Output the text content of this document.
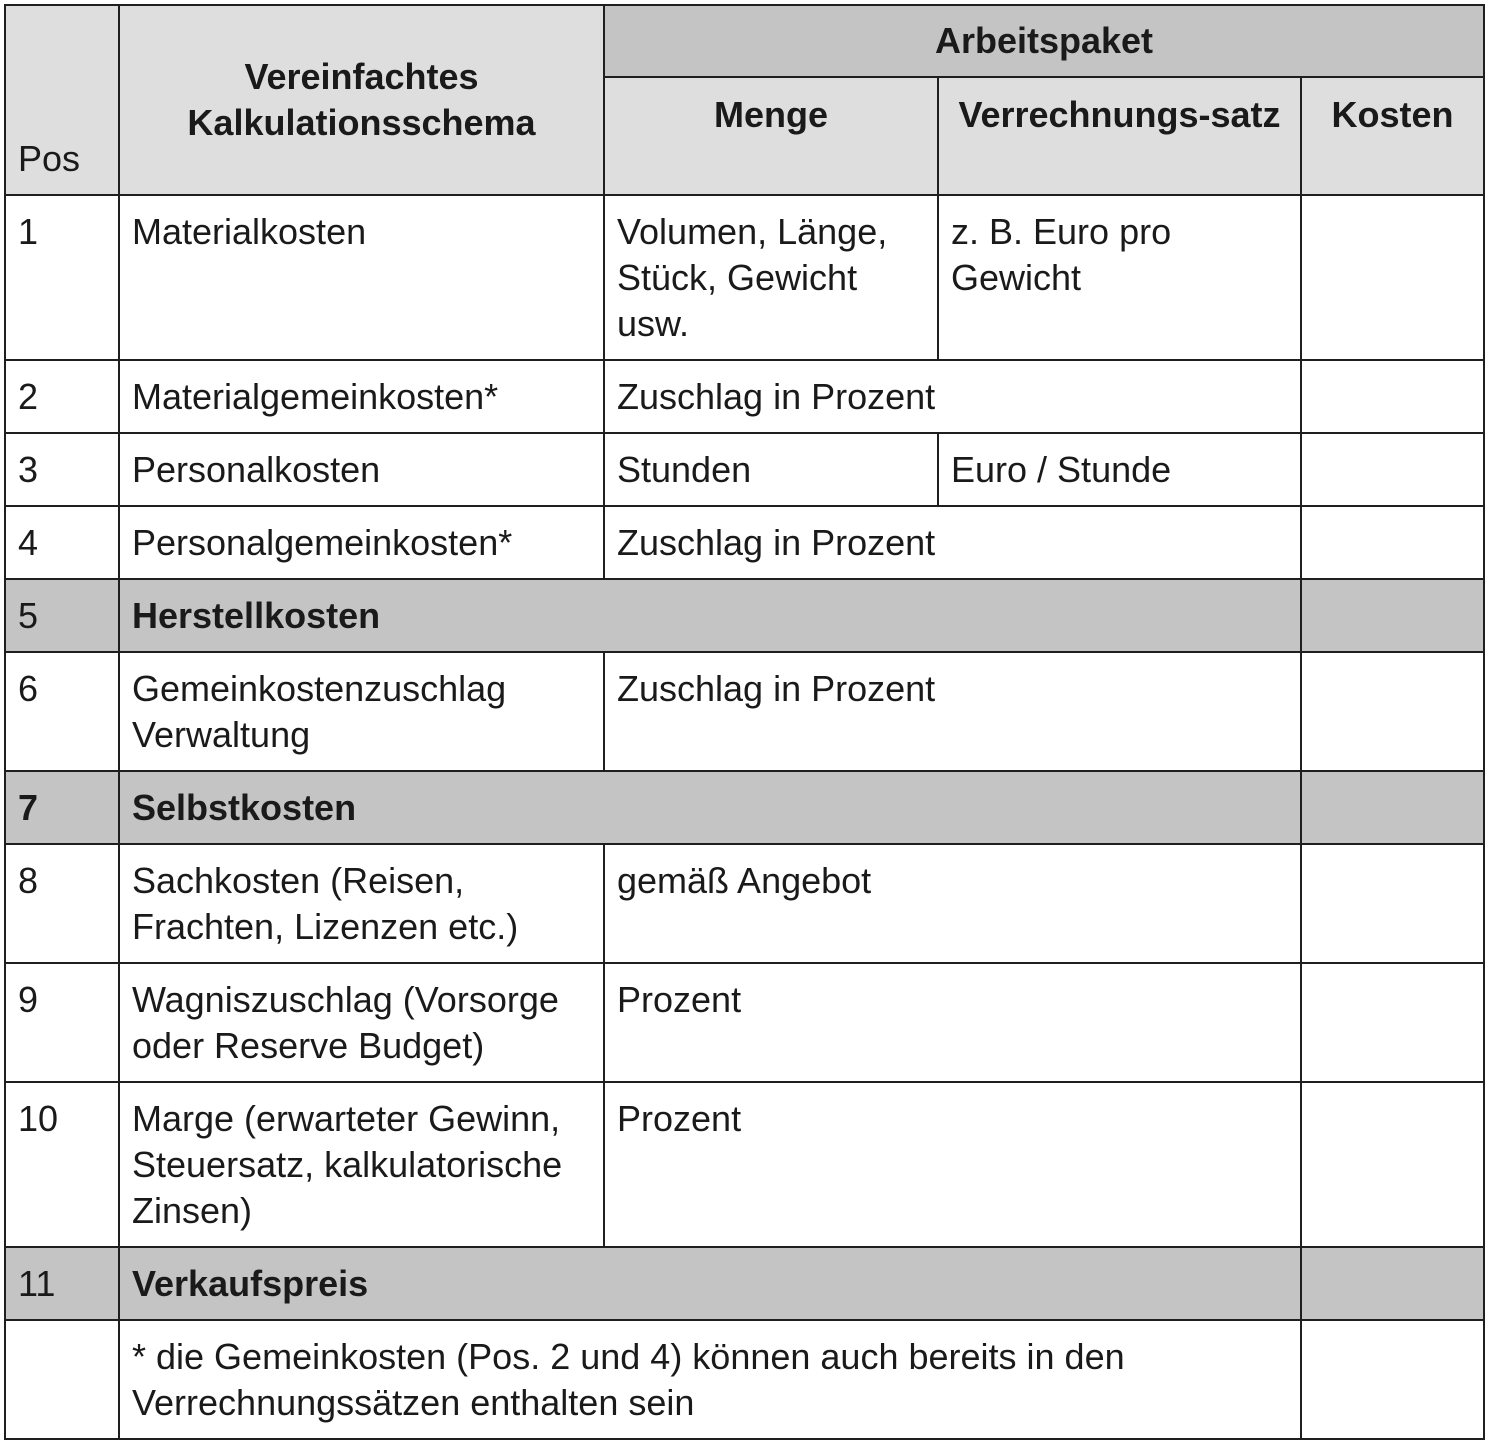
Pos	Vereinfachtes Kalkulationsschema	Arbeitspaket		
		Menge	Verrechnungs-satz	Kosten
1	Materialkosten	Volumen, Länge, Stück, Gewicht usw.	z. B. Euro pro Gewicht	
2	Materialgemeinkosten*	Zuschlag in Prozent		
3	Personalkosten	Stunden	Euro / Stunde	
4	Personalgemeinkosten*	Zuschlag in Prozent		
5	Herstellkosten			
6	Gemeinkostenzuschlag Verwaltung	Zuschlag in Prozent		
7	Selbstkosten			
8	Sachkosten (Reisen, Frachten, Lizenzen etc.)	gemäß Angebot		
9	Wagniszuschlag (Vorsorge oder Reserve Budget)	Prozent		
10	Marge (erwarteter Gewinn, Steuersatz, kalkulatorische Zinsen)	Prozent		
11	Verkaufspreis			
	* die Gemeinkosten (Pos. 2 und 4) können auch bereits in den Verrechnungssätzen enthalten sein			
